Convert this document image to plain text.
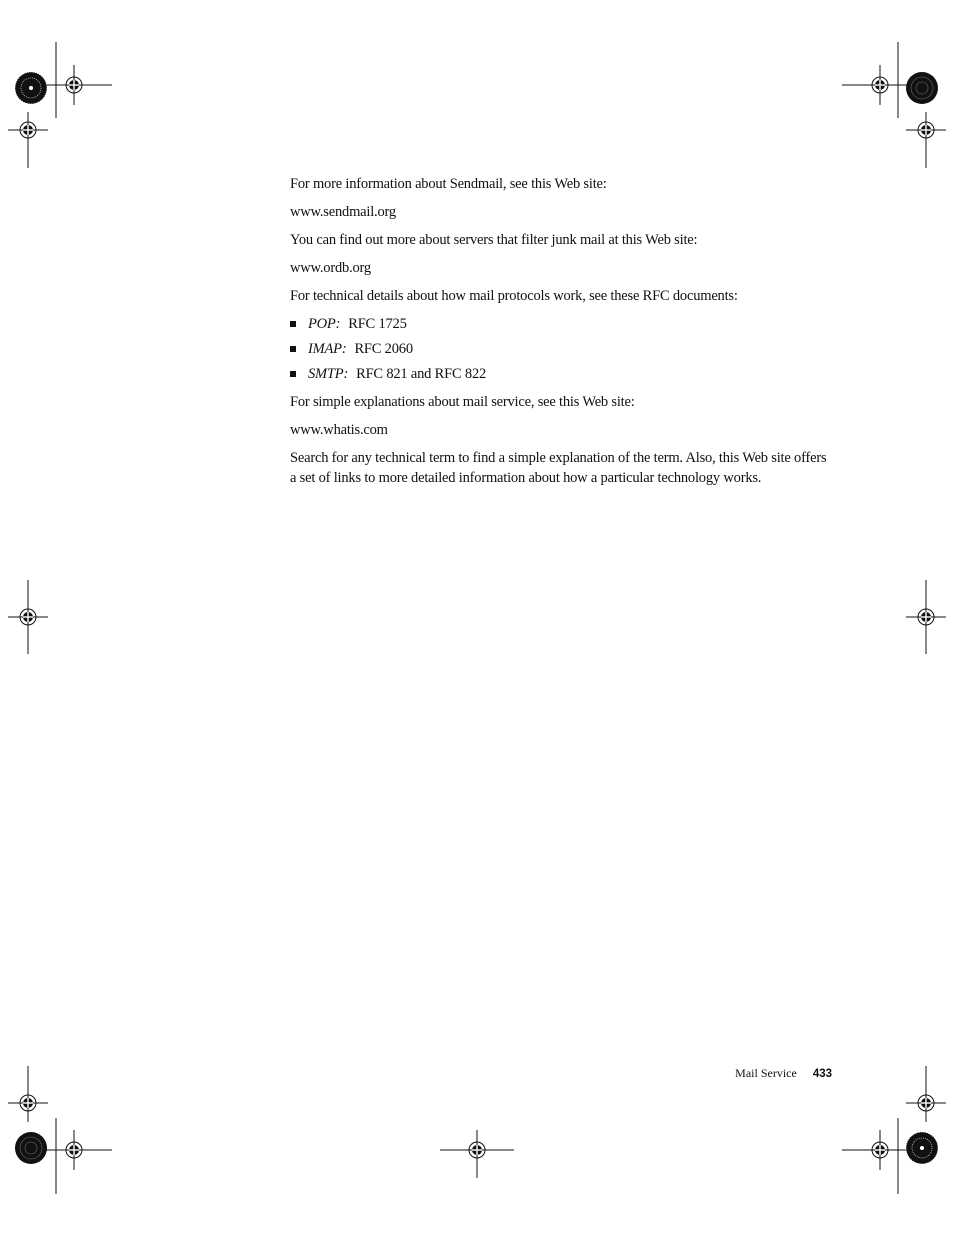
For more information about Sendmail, see this Web site:

www.sendmail.org

You can find out more about servers that filter junk mail at this Web site:

www.ordb.org

For technical details about how mail protocols work, see these RFC documents:

POP: RFC 1725
IMAP: RFC 2060
SMTP: RFC 821 and RFC 822

For simple explanations about mail service, see this Web site:

www.whatis.com

Search for any technical term to find a simple explanation of the term. Also, this Web site offers a set of links to more detailed information about how a particular technology works.

Mail Service 433
